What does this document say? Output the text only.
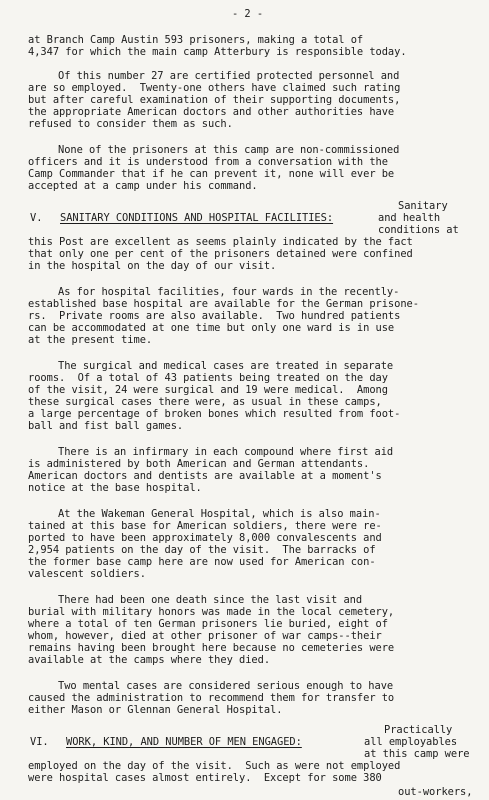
- 2 -
at Branch Camp Austin 593 prisoners, making a total of
4,347 for which the main camp Atterbury is responsible today.
Of this number 27 are certified protected personnel and
are so employed.  Twenty-one others have claimed such rating
but after careful examination of their supporting documents,
the appropriate American doctors and other authorities have
refused to consider them as such.
None of the prisoners at this camp are non-commissioned
officers and it is understood from a conversation with the
Camp Commander that if he can prevent it, none will ever be
accepted at a camp under his command.
Sanitary
V. SANITARY CONDITIONS AND HOSPITAL FACILITIES:	and health
conditions at
this Post are excellent as seems plainly indicated by the fact
that only one per cent of the prisoners detained were confined
in the hospital on the day of our visit.
As for hospital facilities, four wards in the recently-
established base hospital are available for the German prisone-
rs.  Private rooms are also available.  Two hundred patients
can be accommodated at one time but only one ward is in use
at the present time.
The surgical and medical cases are treated in separate
rooms.  Of a total of 43 patients being treated on the day
of the visit, 24 were surgical and 19 were medical.  Among
these surgical cases there were, as usual in these camps,
a large percentage of broken bones which resulted from foot-
ball and fist ball games.
There is an infirmary in each compound where first aid
is administered by both American and German attendants.
American doctors and dentists are available at a moment's
notice at the base hospital.
At the Wakeman General Hospital, which is also main-
tained at this base for American soldiers, there were re-
ported to have been approximately 8,000 convalescents and
2,954 patients on the day of the visit.  The barracks of
the former base camp here are now used for American con-
valescent soldiers.
There had been one death since the last visit and
burial with military honors was made in the local cemetery,
where a total of ten German prisoners lie buried, eight of
whom, however, died at other prisoner of war camps--their
remains having been brought here because no cemeteries were
available at the camps where they died.
Two mental cases are considered serious enough to have
caused the administration to recommend them for transfer to
either Mason or Glennan General Hospital.
Practically
VI. WORK, KIND, AND NUMBER OF MEN ENGAGED:	all employables
at this camp were
employed on the day of the visit.  Such as were not employed
were hospital cases almost entirely.  Except for some 380
out-workers,
